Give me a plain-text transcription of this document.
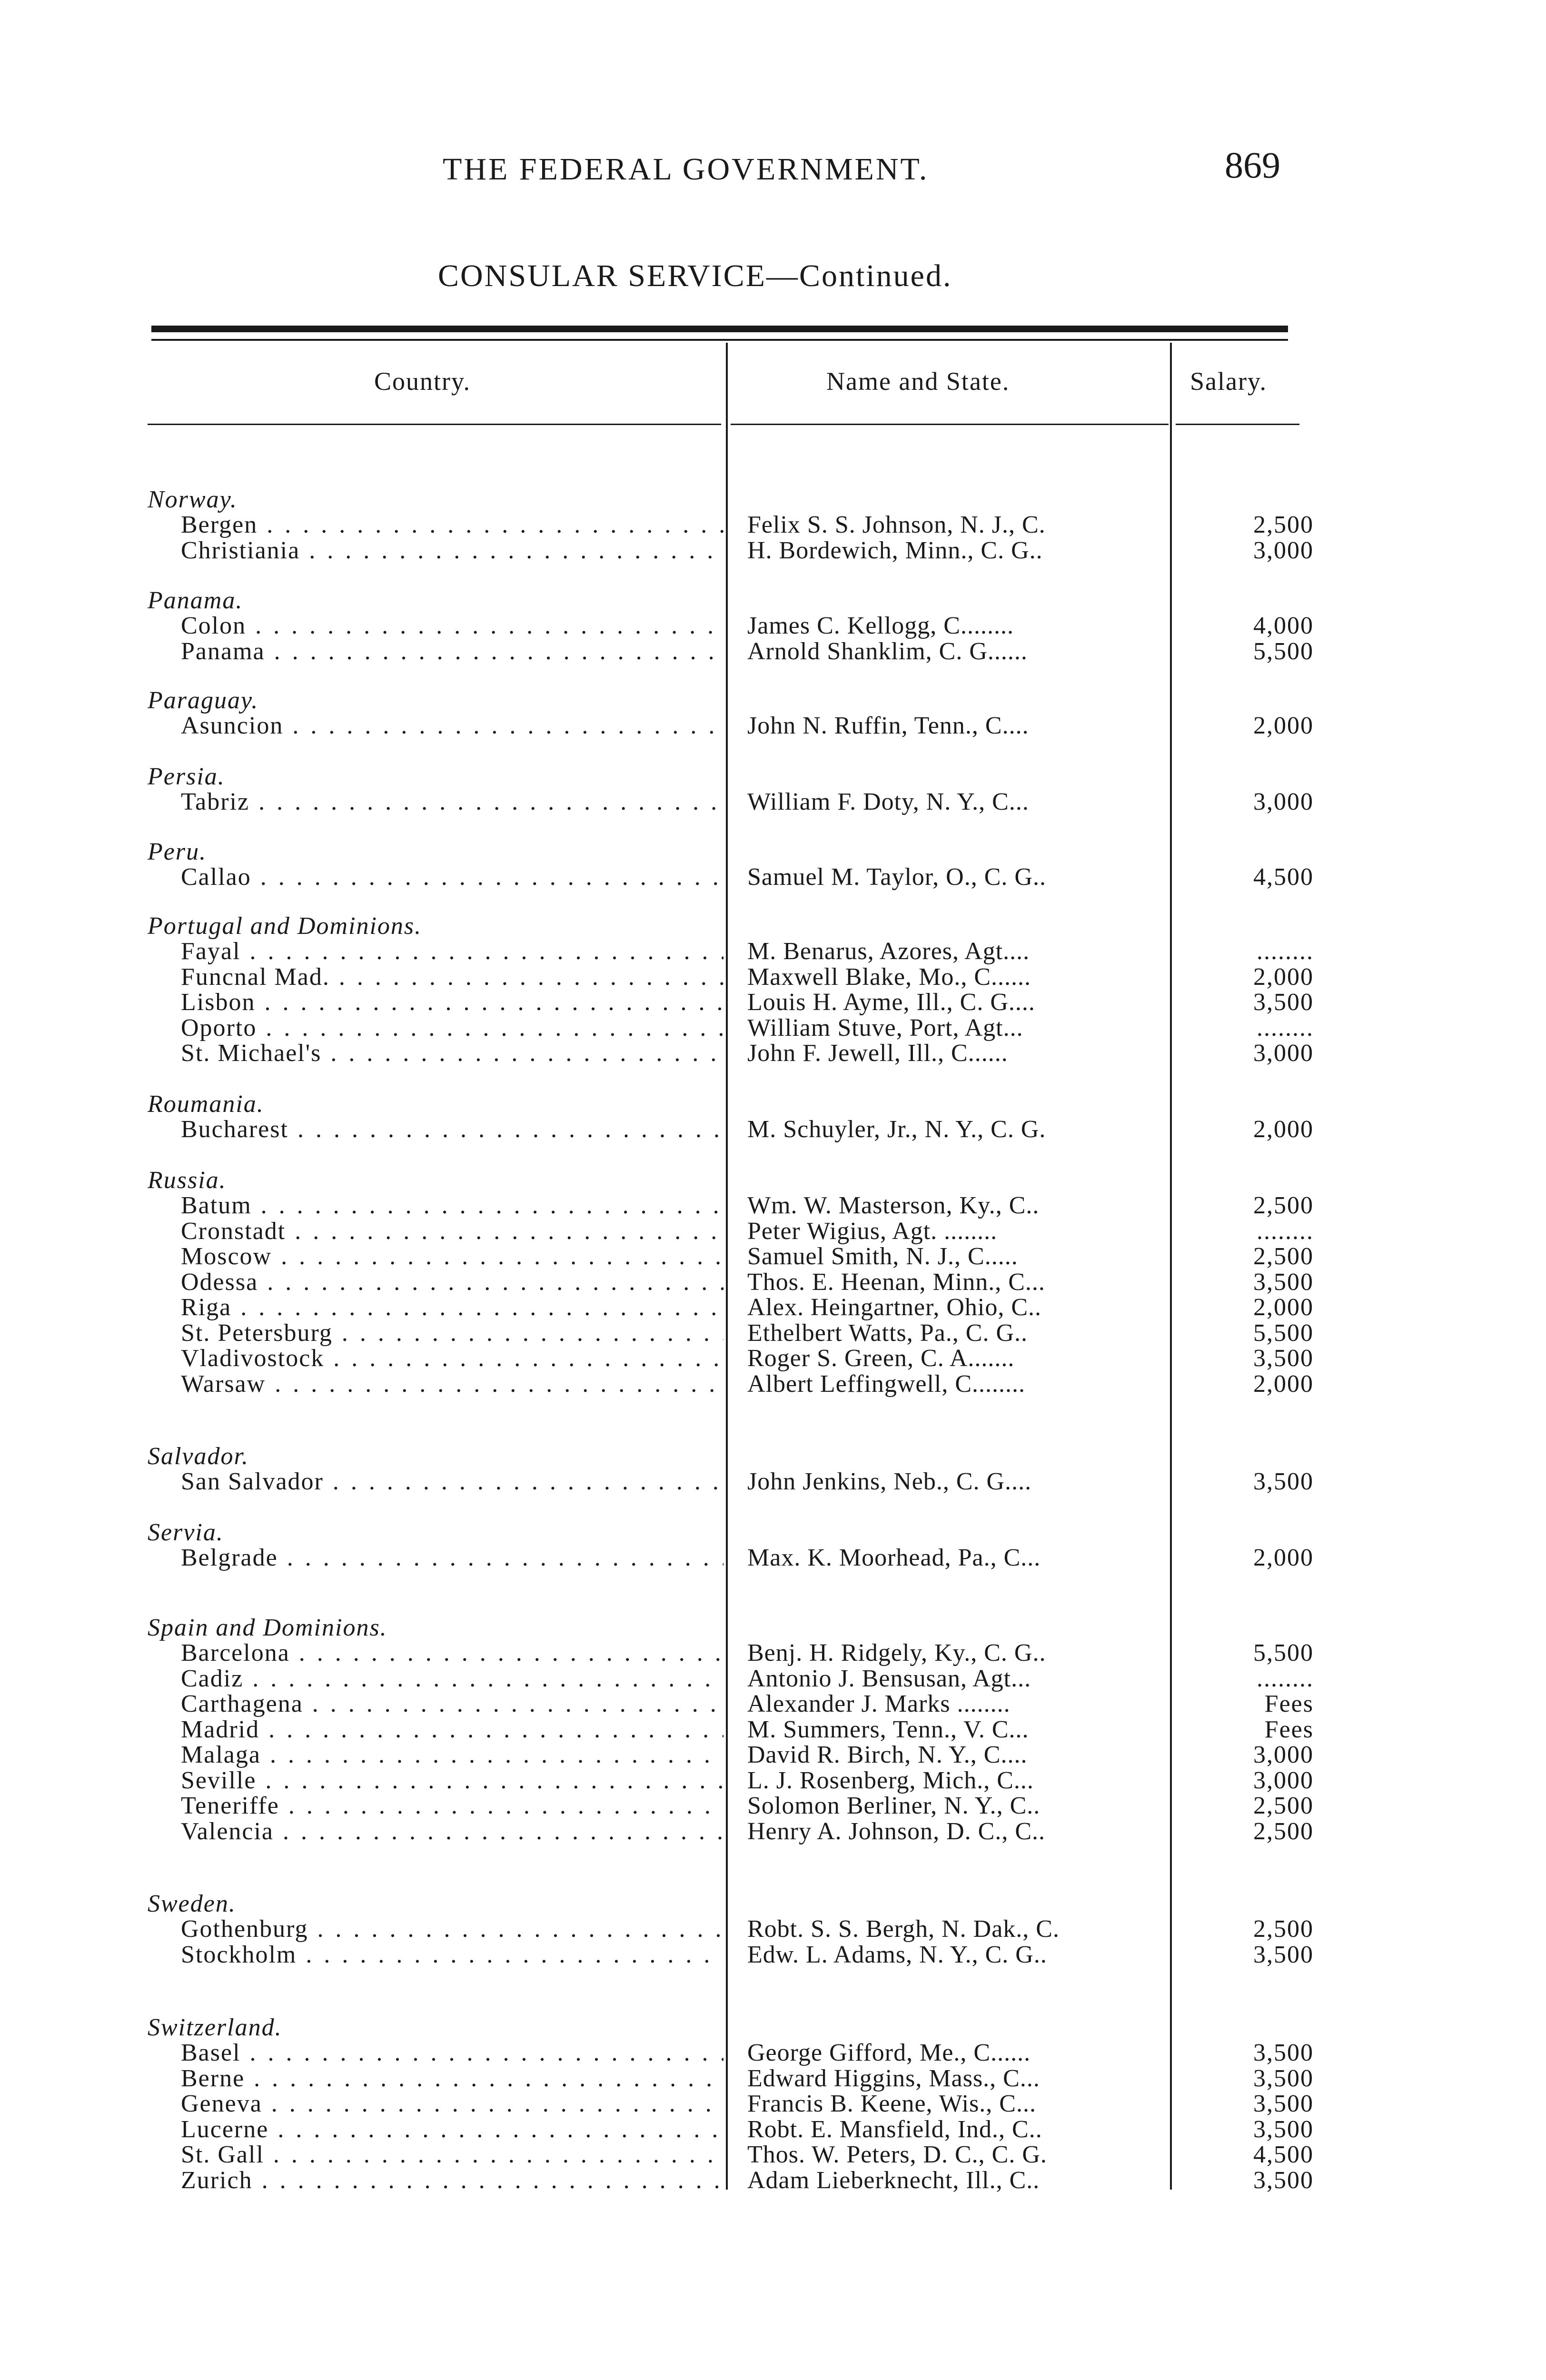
THE FEDERAL GOVERNMENT.	869
CONSULAR SERVICE—Continued.
Country.	Name and State.	Salary.
Norway.
Bergen . . .	Felix S. S. Johnson, N. J., C.	2,500
Christiania . . .	H. Bordewich, Minn., C. G..	3,000
Panama.
Colon . . .	James C. Kellogg, C........	4,000
Panama . . .	Arnold Shanklim, C. G......	5,500
Paraguay.
Asuncion . . .	John N. Ruffin, Tenn., C....	2,000
Persia.
Tabriz . . .	William F. Doty, N. Y., C...	3,000
Peru.
Callao . . .	Samuel M. Taylor, O., C. G..	4,500
Portugal and Dominions.
Fayal . . .	M. Benarus, Azores, Agt....	........
Funcnal Mad. . . .	Maxwell Blake, Mo., C......	2,000
Lisbon . . .	Louis H. Ayme, Ill., C. G....	3,500
Oporto . . .	William Stuve, Port, Agt...	........
St. Michael's . . .	John F. Jewell, Ill., C......	3,000
Roumania.
Bucharest . . .	M. Schuyler, Jr., N. Y., C. G.	2,000
Russia.
Batum . . .	Wm. W. Masterson, Ky., C..	2,500
Cronstadt . . .	Peter Wigius, Agt. ........	........
Moscow . . .	Samuel Smith, N. J., C.....	2,500
Odessa . . .	Thos. E. Heenan, Minn., C...	3,500
Riga . . .	Alex. Heingartner, Ohio, C..	2,000
St. Petersburg . . .	Ethelbert Watts, Pa., C. G..	5,500
Vladivostock . . .	Roger S. Green, C. A.......	3,500
Warsaw . . .	Albert Leffingwell, C........	2,000
Salvador.
San Salvador . . .	John Jenkins, Neb., C. G....	3,500
Servia.
Belgrade . . .	Max. K. Moorhead, Pa., C...	2,000
Spain and Dominions.
Barcelona . . .	Benj. H. Ridgely, Ky., C. G..	5,500
Cadiz . . .	Antonio J. Bensusan, Agt...	........
Carthagena . . .	Alexander J. Marks ........	Fees
Madrid . . .	M. Summers, Tenn., V. C...	Fees
Malaga . . .	David R. Birch, N. Y., C....	3,000
Seville . . .	L. J. Rosenberg, Mich., C...	3,000
Teneriffe . . .	Solomon Berliner, N. Y., C..	2,500
Valencia . . .	Henry A. Johnson, D. C., C..	2,500
Sweden.
Gothenburg . . .	Robt. S. S. Bergh, N. Dak., C.	2,500
Stockholm . . .	Edw. L. Adams, N. Y., C. G..	3,500
Switzerland.
Basel . . .	George Gifford, Me., C......	3,500
Berne . . .	Edward Higgins, Mass., C...	3,500
Geneva . . .	Francis B. Keene, Wis., C...	3,500
Lucerne . . .	Robt. E. Mansfield, Ind., C..	3,500
St. Gall . . .	Thos. W. Peters, D. C., C. G.	4,500
Zurich . . .	Adam Lieberknecht, Ill., C..	3,500
